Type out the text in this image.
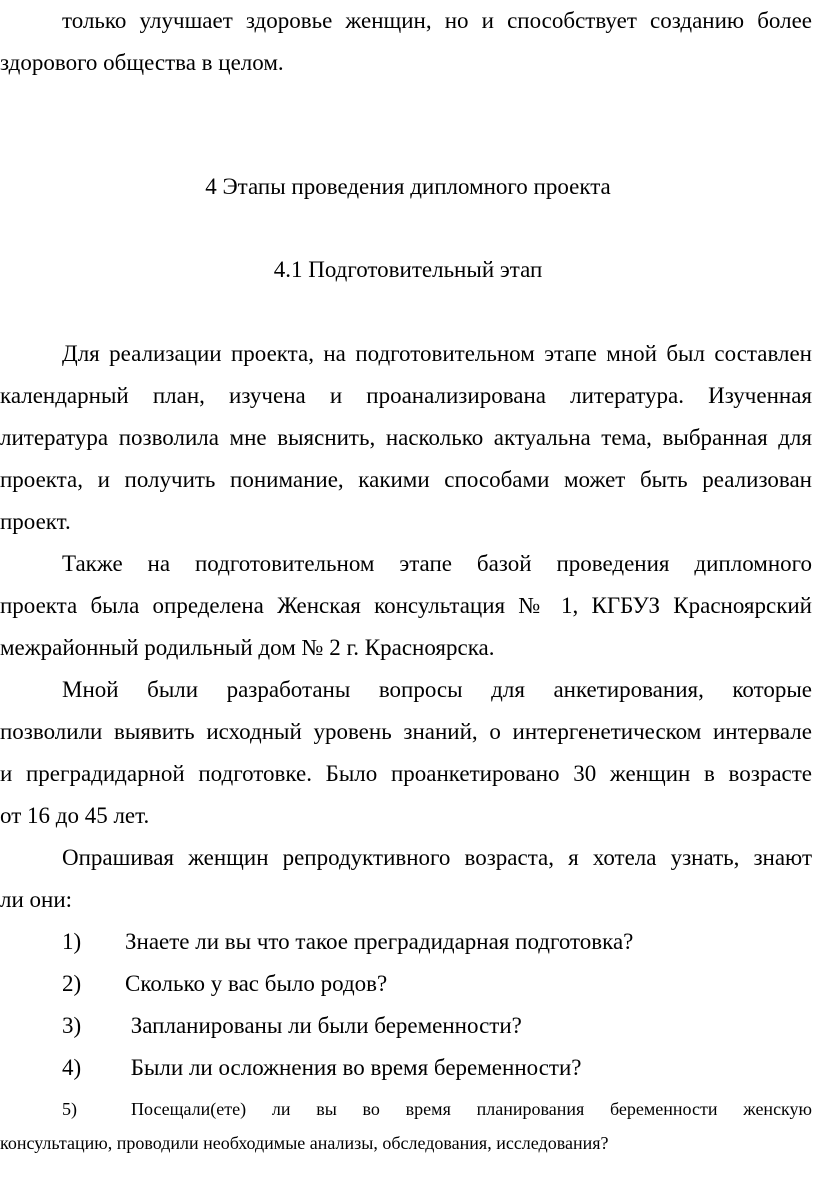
только улучшает здоровье женщин, но и способствует созданию более
здорового общества в целом.
4 Этапы проведения дипломного проекта
4.1 Подготовительный этап
Для реализации проекта, на подготовительном этапе мной был составлен
календарный план, изучена и проанализирована литература. Изученная
литература позволила мне выяснить, насколько актуальна тема, выбранная для
проекта, и получить понимание, какими способами может быть реализован
проект.
Также на подготовительном этапе базой проведения дипломного
проекта была определена Женская консультация № 1, КГБУЗ Красноярский
межрайонный родильный дом № 2 г. Красноярска.
Мной были разработаны вопросы для анкетирования, которые
позволили выявить исходный уровень знаний, о интергенетическом интервале
и преградидарной подготовке. Было проанкетировано 30 женщин в возрасте
от 16 до 45 лет.
Опрашивая женщин репродуктивного возраста, я хотела узнать, знают
ли они:
1) Знаете ли вы что такое преградидарная подготовка?
2) Сколько у вас было родов?
3) Запланированы ли были беременности?
4) Были ли осложнения во время беременности?
5)	Посещали(ете) ли вы во время планирования беременности женскую
консультацию, проводили необходимые анализы, обследования, исследования?
